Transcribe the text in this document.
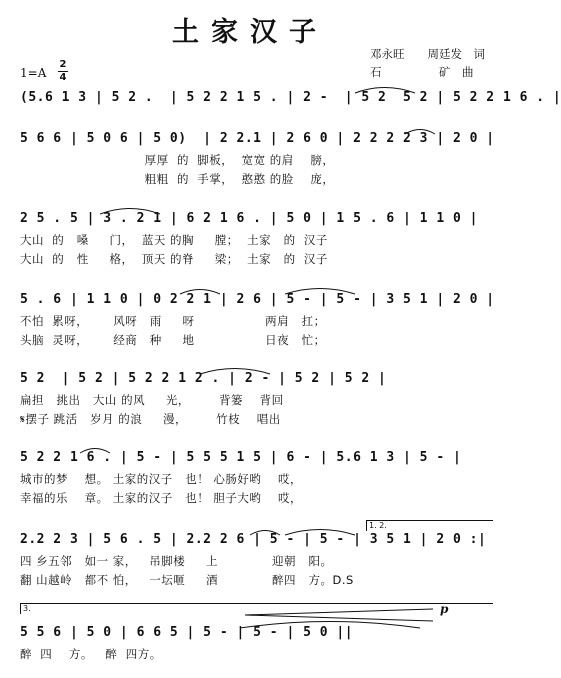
土家汉子
邓永旺　　周廷发　词
石　　　　　矿　曲
1=A
2
4
(5.6 1 3 | 5 2 .  | 5 2 2 1 5 . | 2 -  | 5 2  5 2 | 5 2 2 1 6 . |
5 6 6 | 5 0 6 | 5 0)  | 2 2.1 | 2 6 0 | 2 2 2 2 3 | 2 0 |
厚厚  的  脚板，  宽宽 的肩    膀，
粗粗  的  手掌，  憨憨 的脸    庞，
2 5 . 5 | 3 . 2 1 | 6 2 1 6 . | 5 0 | 1 5 . 6 | 1 1 0 |
大山  的   嗓     门，  蓝天 的胸     膛；  土家   的  汉子
大山  的   性     格，  顶天 的脊     梁；  土家   的  汉子
5 . 6 | 1 1 0 | 0 2 2 1 | 2 6 | 5 - | 5 - | 3 5 1 | 2 0 |
不怕  累呀，      风呀   雨     呀                 两肩   扛；
头脑  灵呀，      经商   种     地                 日夜   忙；
5 2  | 5 2 | 5 2 2 1 2 . | 2 - | 5 2 | 5 2 |
扁担   挑出   大山 的风     光，       背篓    背回
𝄋摆子 跳活   岁月 的浪     漫，       竹枝    唱出
5 2 2 1 6 . | 5 - | 5 5 5 1 5 | 6 - | 5.6 1 3 | 5 - |
城市的梦    想。 土家的汉子   也！ 心肠好哟    哎，
幸福的乐    章。 土家的汉子   也！ 胆子大哟    哎，
1. 2.
2.2 2 3 | 5 6 . 5 | 2.2 2 6 | 5 - | 5 - | 3 5 1 | 2 0 :|
四 乡五邻   如一 家，   吊脚楼     上             迎朝   阳。
翻 山越岭   都不 怕，   一坛咂     酒             醉四   方。D.S
3.	p
5 5 6 | 5 0 | 6 6 5 | 5 - | 5 - | 5 0 ||
醉  四    方。   醉  四方。
